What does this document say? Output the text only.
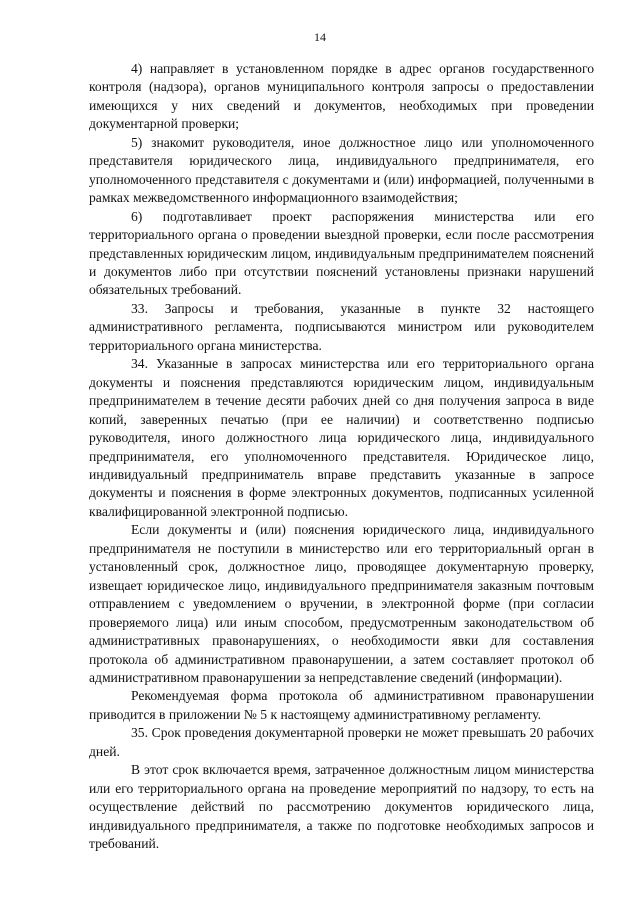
14

4) направляет в установленном порядке в адрес органов государственного контроля (надзора), органов муниципального контроля запросы о предоставлении имеющихся у них сведений и документов, необходимых при проведении документарной проверки;

5) знакомит руководителя, иное должностное лицо или уполномоченного представителя юридического лица, индивидуального предпринимателя, его уполномоченного представителя с документами и (или) информацией, полученными в рамках межведомственного информационного взаимодействия;

6) подготавливает проект распоряжения министерства или его территориального органа о проведении выездной проверки, если после рассмотрения представленных юридическим лицом, индивидуальным предпринимателем пояснений и документов либо при отсутствии пояснений установлены признаки нарушений обязательных требований.

33. Запросы и требования, указанные в пункте 32 настоящего административного регламента, подписываются министром или руководителем территориального органа министерства.

34. Указанные в запросах министерства или его территориального органа документы и пояснения представляются юридическим лицом, индивидуальным предпринимателем в течение десяти рабочих дней со дня получения запроса в виде копий, заверенных печатью (при ее наличии) и соответственно подписью руководителя, иного должностного лица юридического лица, индивидуального предпринимателя, его уполномоченного представителя. Юридическое лицо, индивидуальный предприниматель вправе представить указанные в запросе документы и пояснения в форме электронных документов, подписанных усиленной квалифицированной электронной подписью.

Если документы и (или) пояснения юридического лица, индивидуального предпринимателя не поступили в министерство или его территориальный орган в установленный срок, должностное лицо, проводящее документарную проверку, извещает юридическое лицо, индивидуального предпринимателя заказным почтовым отправлением с уведомлением о вручении, в электронной форме (при согласии проверяемого лица) или иным способом, предусмотренным законодательством об административных правонарушениях, о необходимости явки для составления протокола об административном правонарушении, а затем составляет протокол об административном правонарушении за непредставление сведений (информации).

Рекомендуемая форма протокола об административном правонарушении приводится в приложении № 5 к настоящему административному регламенту.

35. Срок проведения документарной проверки не может превышать 20 рабочих дней.

В этот срок включается время, затраченное должностным лицом министерства или его территориального органа на проведение мероприятий по надзору, то есть на осуществление действий по рассмотрению документов юридического лица, индивидуального предпринимателя, а также по подготовке необходимых запросов и требований.
